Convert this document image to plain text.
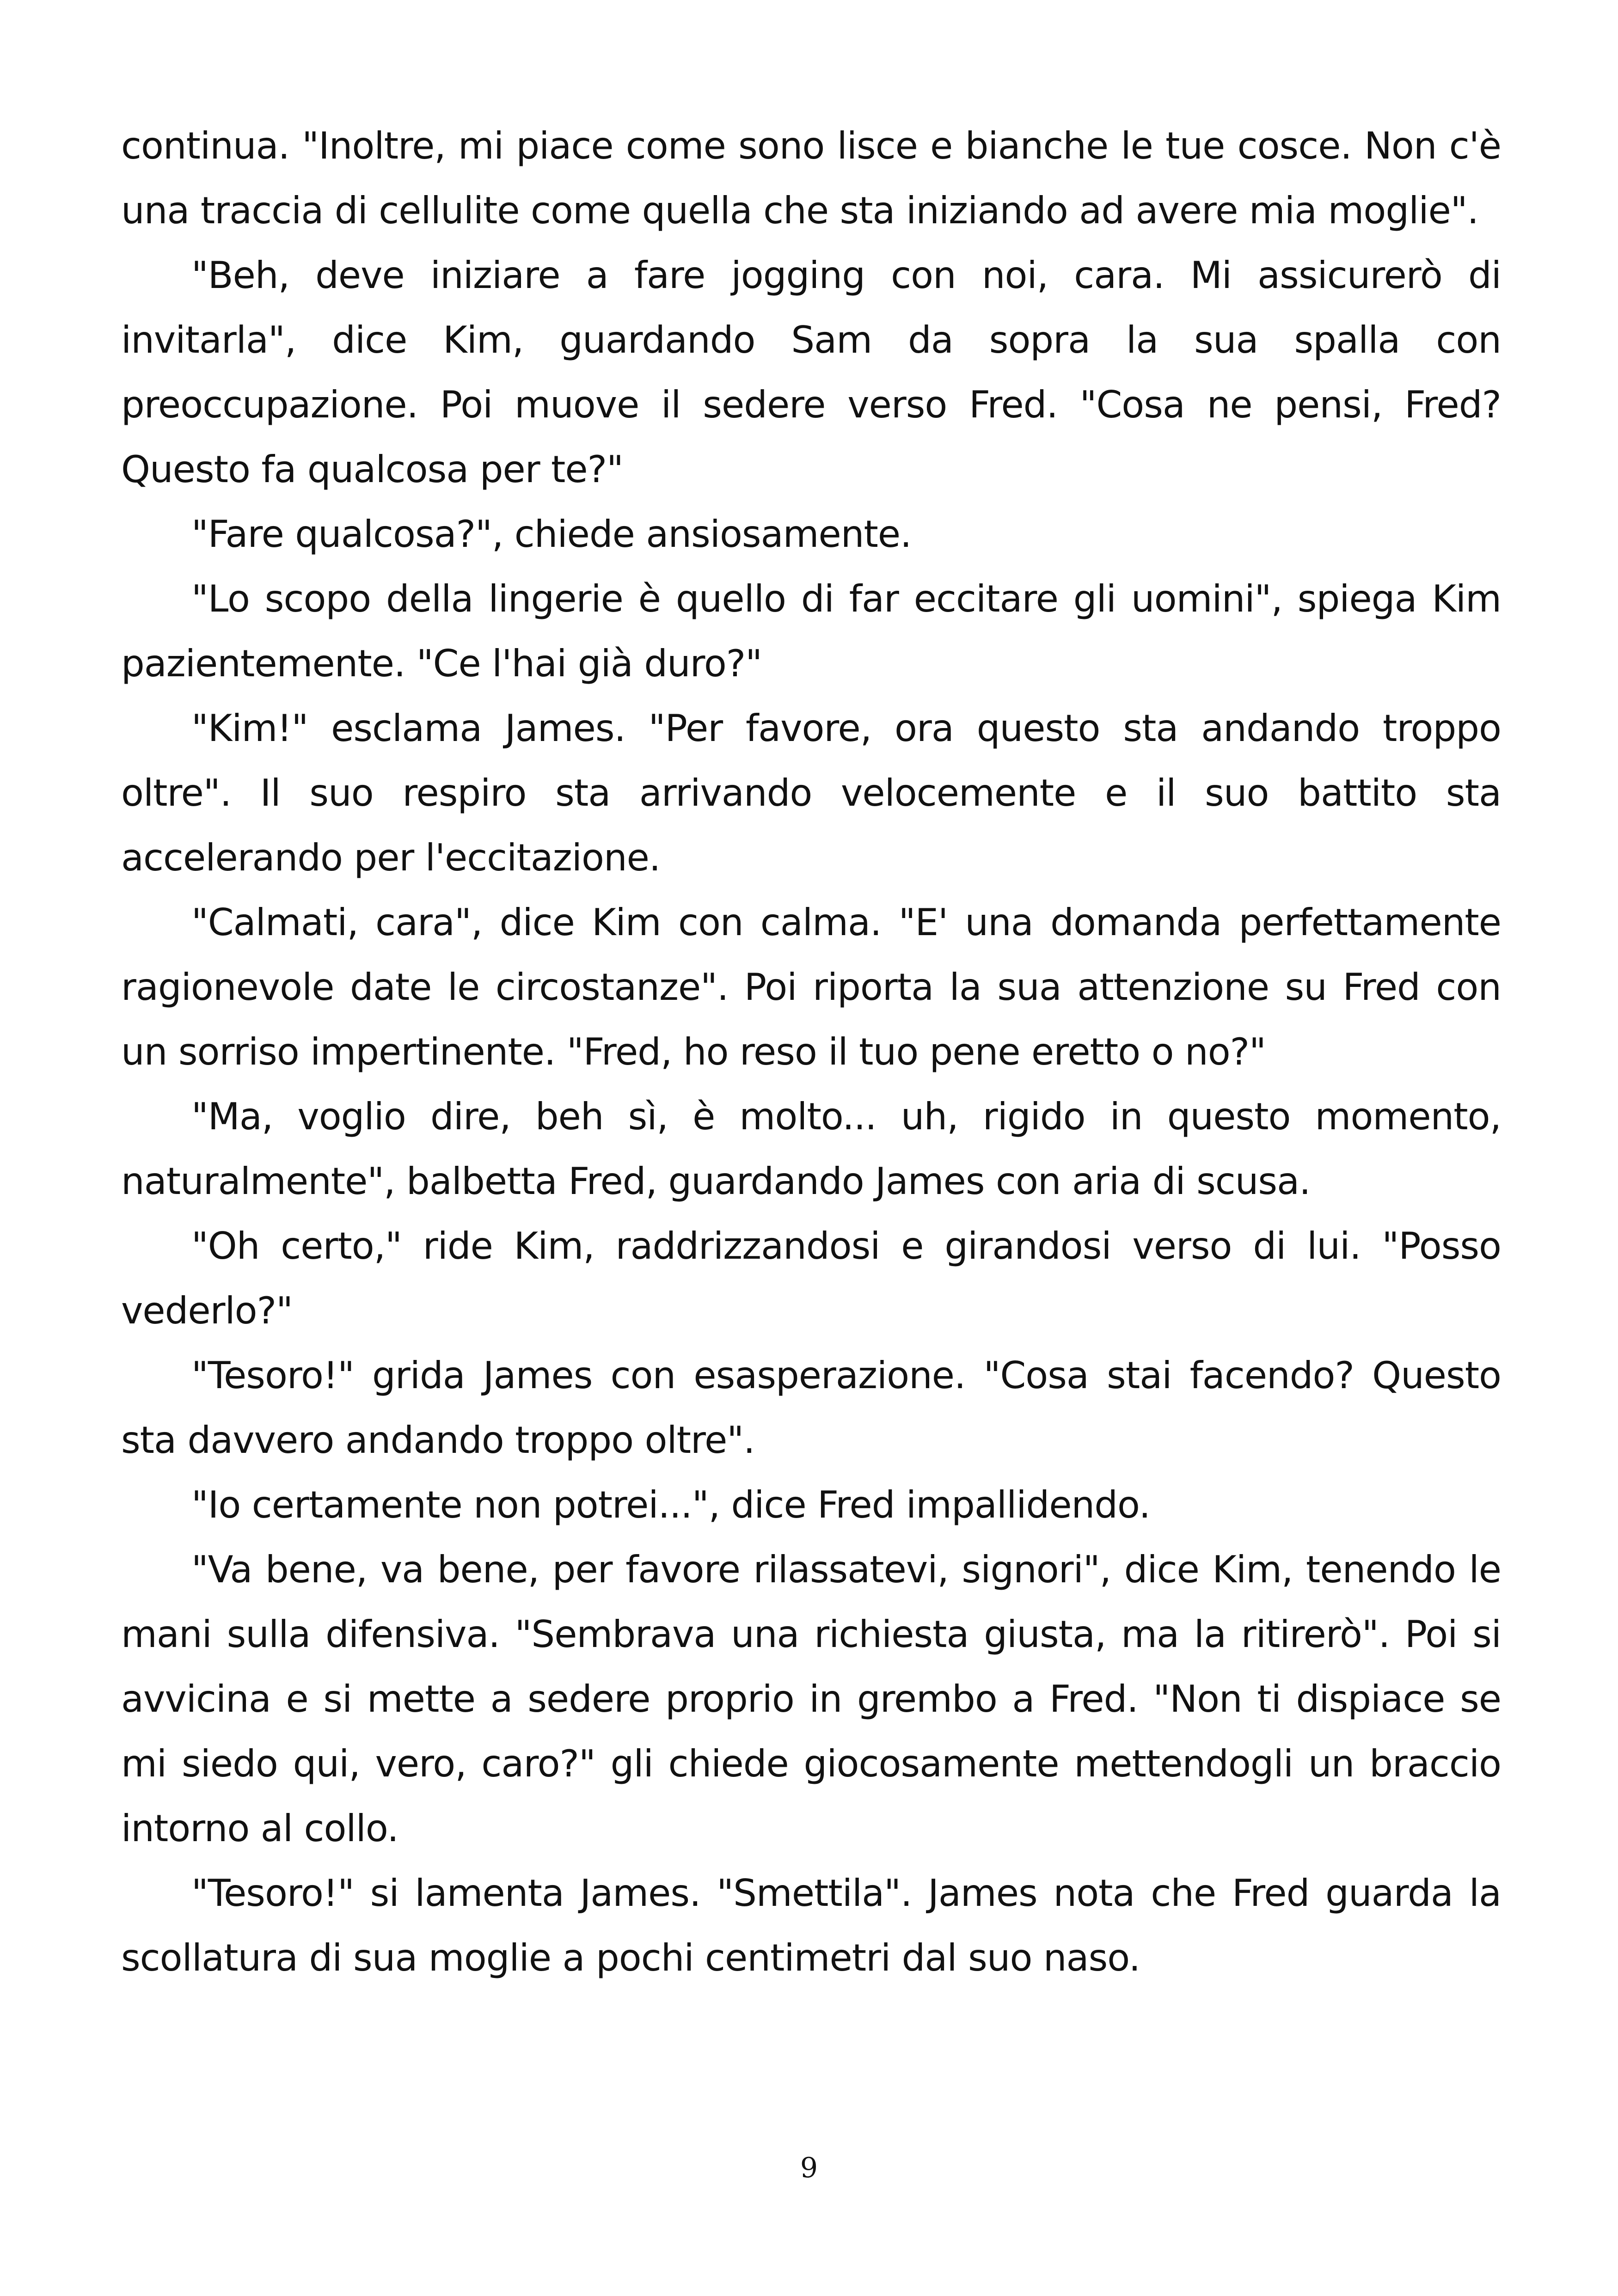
continua. "Inoltre, mi piace come sono lisce e bianche le tue cosce. Non c'è una traccia di cellulite come quella che sta iniziando ad avere mia moglie".

"Beh, deve iniziare a fare jogging con noi, cara. Mi assicurerò di invitarla", dice Kim, guardando Sam da sopra la sua spalla con preoccupazione. Poi muove il sedere verso Fred. "Cosa ne pensi, Fred? Questo fa qualcosa per te?"

"Fare qualcosa?", chiede ansiosamente.

"Lo scopo della lingerie è quello di far eccitare gli uomini", spiega Kim pazientemente. "Ce l'hai già duro?"

"Kim!" esclama James. "Per favore, ora questo sta andando troppo oltre". Il suo respiro sta arrivando velocemente e il suo battito sta accelerando per l'eccitazione.

"Calmati, cara", dice Kim con calma. "E' una domanda perfettamente ragionevole date le circostanze". Poi riporta la sua attenzione su Fred con un sorriso impertinente. "Fred, ho reso il tuo pene eretto o no?"

"Ma, voglio dire, beh sì, è molto... uh, rigido in questo momento, naturalmente", balbetta Fred, guardando James con aria di scusa.

"Oh certo," ride Kim, raddrizzandosi e girandosi verso di lui. "Posso vederlo?"

"Tesoro!" grida James con esasperazione. "Cosa stai facendo? Questo sta davvero andando troppo oltre".

"Io certamente non potrei...", dice Fred impallidendo.

"Va bene, va bene, per favore rilassatevi, signori", dice Kim, tenendo le mani sulla difensiva. "Sembrava una richiesta giusta, ma la ritirerò". Poi si avvicina e si mette a sedere proprio in grembo a Fred. "Non ti dispiace se mi siedo qui, vero, caro?" gli chiede giocosamente mettendogli un braccio intorno al collo.

"Tesoro!" si lamenta James. "Smettila". James nota che Fred guarda la scollatura di sua moglie a pochi centimetri dal suo naso.

9
